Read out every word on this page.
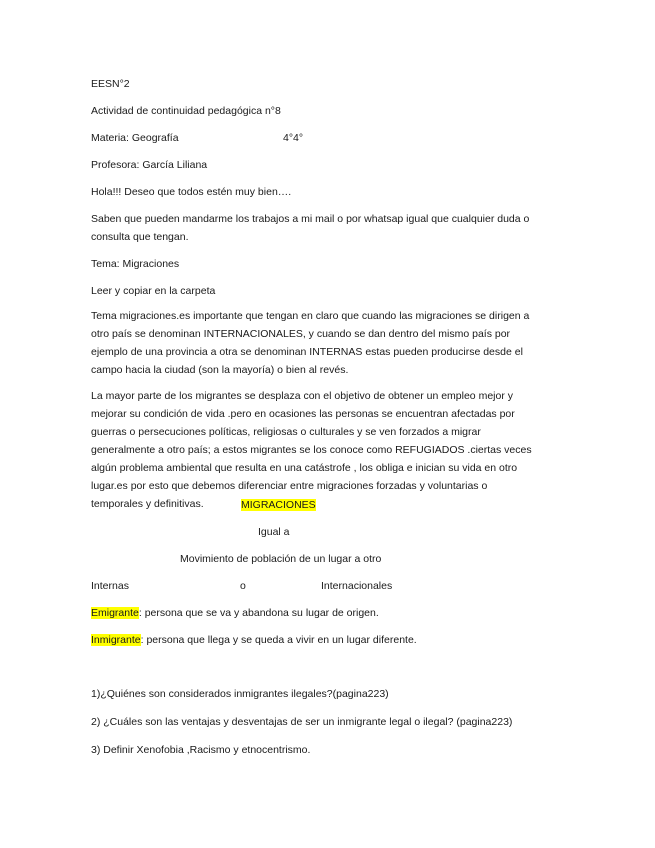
EESN°2
Actividad de continuidad pedagógica n°8
Materia: Geografía	4°4°
Profesora: García Liliana
Hola!!! Deseo que todos estén muy bien….
Saben que pueden mandarme los trabajos a mi mail o por whatsap igual que cualquier duda o consulta que tengan.
Tema: Migraciones
Leer y copiar en la carpeta
Tema migraciones.es importante que tengan en claro que cuando las migraciones se dirigen a otro país se denominan INTERNACIONALES, y cuando se dan dentro del mismo país por ejemplo de una provincia a otra se denominan INTERNAS estas pueden producirse desde el campo hacia la ciudad (son la mayoría) o bien al revés.
La mayor parte de los migrantes se desplaza con el objetivo de obtener un empleo mejor y mejorar su condición de vida .pero en ocasiones las personas se encuentran afectadas por guerras o persecuciones políticas, religiosas o culturales y se ven forzados a migrar generalmente a otro país; a estos migrantes se los conoce como REFUGIADOS .ciertas veces algún problema ambiental que resulta en una catástrofe , los obliga e inician su vida en otro lugar.es por esto que debemos diferenciar entre migraciones forzadas y voluntarias o temporales y definitivas.	MIGRACIONES
Igual a
Movimiento de población de un lugar a otro
Internas	o	Internacionales
Emigrante: persona que se va y abandona su lugar de origen.
Inmigrante: persona que llega y se queda a vivir en un lugar diferente.
1)¿Quiénes son considerados inmigrantes ilegales?(pagina223)
2) ¿Cuáles son las ventajas y desventajas de ser un inmigrante legal o ilegal? (pagina223)
3) Definir Xenofobia ,Racismo y etnocentrismo.
